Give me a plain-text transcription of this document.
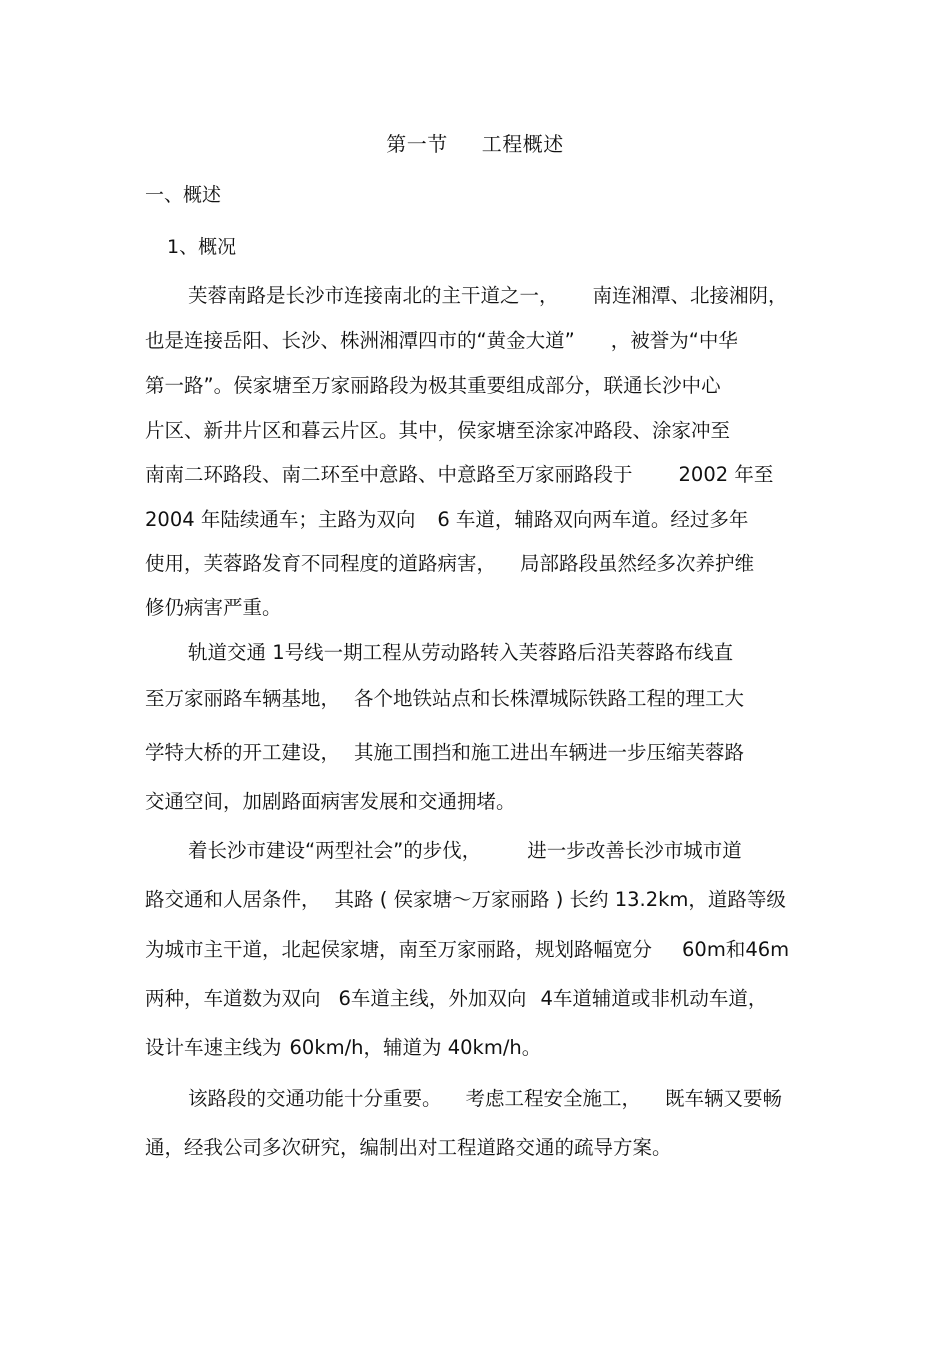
第一节 工程概述
一、概述
1、概况
芙蓉南路是长沙市连接南北的主干道之一， 南连湘潭、北接湘阴，
也是连接岳阳、长沙、株洲湘潭四市的“黄金大道” ，被誉为“中华
第一路”。侯家塘至万家丽路段为极其重要组成部分，联通长沙中心
片区、新井片区和暮云片区。其中，侯家塘至涂家冲路段、涂家冲至
南南二环路段、南二环至中意路、中意路至万家丽路段于 2002 年至
2004 年陆续通车；主路为双向 6 车道，辅路双向两车道。经过多年
使用，芙蓉路发育不同程度的道路病害， 局部路段虽然经多次养护维
修仍病害严重。
轨道交通 1号线一期工程从劳动路转入芙蓉路后沿芙蓉路布线直
至万家丽路车辆基地， 各个地铁站点和长株潭城际铁路工程的理工大
学特大桥的开工建设， 其施工围挡和施工进出车辆进一步压缩芙蓉路
交通空间，加剧路面病害发展和交通拥堵。
着长沙市建设“两型社会”的步伐， 进一步改善长沙市城市道
路交通和人居条件， 其路 ( 侯家塘～万家丽路 ) 长约 13.2km，道路等级
为城市主干道，北起侯家塘，南至万家丽路，规划路幅宽分 60m和46m
两种，车道数为双向 6车道主线，外加双向 4车道辅道或非机动车道，
设计车速主线为 60km/h，辅道为 40km/h。
该路段的交通功能十分重要。 考虑工程安全施工， 既车辆又要畅
通，经我公司多次研究，编制出对工程道路交通的疏导方案。
